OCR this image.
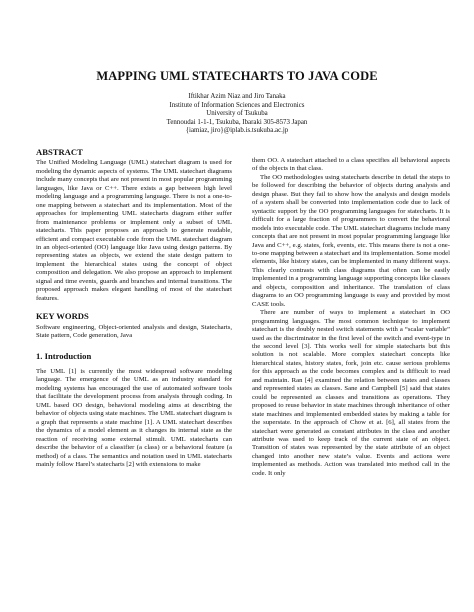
MAPPING UML STATECHARTS TO JAVA CODE
Iftikhar Azim Niaz and Jiro Tanaka
Institute of Information Sciences and Electronics
University of Tsukuba
Tennoudai 1-1-1, Tsukuba, Ibaraki 305-8573 Japan
{iamiaz, jiro}@iplab.is.tsukuba.ac.jp
ABSTRACT

The Unified Modeling Language (UML) statechart diagram is used for modeling the dynamic aspects of systems. The UML statechart diagrams include many concepts that are not present in most popular programming languages, like Java or C++. There exists a gap between high level modeling language and a programming language. There is not a one-to-one mapping between a statechart and its implementation. Most of the approaches for implementing UML statecharts diagram either suffer from maintenance problems or implement only a subset of UML statecharts. This paper proposes an approach to generate readable, efficient and compact executable code from the UML statechart diagram in an object-oriented (OO) language like Java using design patterns. By representing states as objects, we extend the state design pattern to implement the hierarchical states using the concept of object composition and delegation. We also propose an approach to implement signal and time events, guards and branches and internal transitions. The proposed approach makes elegant handling of most of the statechart features.

KEY WORDS

Software engineering, Object-oriented analysis and design, Statecharts, State pattern, Code generation, Java

1. Introduction

The UML [1] is currently the most widespread software modeling language. The emergence of the UML as an industry standard for modeling systems has encouraged the use of automated software tools that facilitate the development process from analysis through coding. In UML based OO design, behavioral modeling aims at describing the behavior of objects using state machines. The UML statechart diagram is a graph that represents a state machine [1]. A UML statechart describes the dynamics of a model element as it changes its internal state as the reaction of receiving some external stimuli. UML statecharts can describe the behavior of a classifier (a class) or a behavioral feature (a method) of a class. The semantics and notation used in UML statecharts mainly follow Harel’s statecharts [2] with extensions to make

them OO. A statechart attached to a class specifies all behavioral aspects of the objects in that class.

The OO methodologies using statecharts describe in detail the steps to be followed for describing the behavior of objects during analysis and design phase. But they fail to show how the analysis and design models of a system shall be converted into implementation code due to lack of syntactic support by the OO programming languages for statecharts. It is difficult for a large fraction of programmers to convert the behavioral models into executable code. The UML statechart diagrams include many concepts that are not present in most popular programming language like Java and C++, e.g. states, fork, events, etc. This means there is not a one-to-one mapping between a statechart and its implementation. Some model elements, like history states, can be implemented in many different ways. This clearly contrasts with class diagrams that often can be easily implemented in a programming language supporting concepts like classes and objects, composition and inheritance. The translation of class diagrams to an OO programming language is easy and provided by most CASE tools.

There are number of ways to implement a statechart in OO programming languages. The most common technique to implement statechart is the doubly nested switch statements with a “scalar variable” used as the discriminator in the first level of the switch and event-type in the second level [3]. This works well for simple statecharts but this solution is not scalable. More complex statechart concepts like hierarchical states, history states, fork, join etc. cause serious problems for this approach as the code becomes complex and is difficult to read and maintain. Ran [4] examined the relation between states and classes and represented states as classes. Sane and Campbell [5] said that states could be represented as classes and transitions as operations. They proposed to reuse behavior in state machines through inheritance of other state machines and implemented embedded states by making a table for the superstate. In the approach of Chow et at. [6], all states from the statechart were generated as constant attributes in the class and another attribute was used to keep track of the current state of an object. Transition of states was represented by the state attribute of an object changed into another new state’s value. Events and actions were implemented as methods. Action was translated into method call in the code. It only
